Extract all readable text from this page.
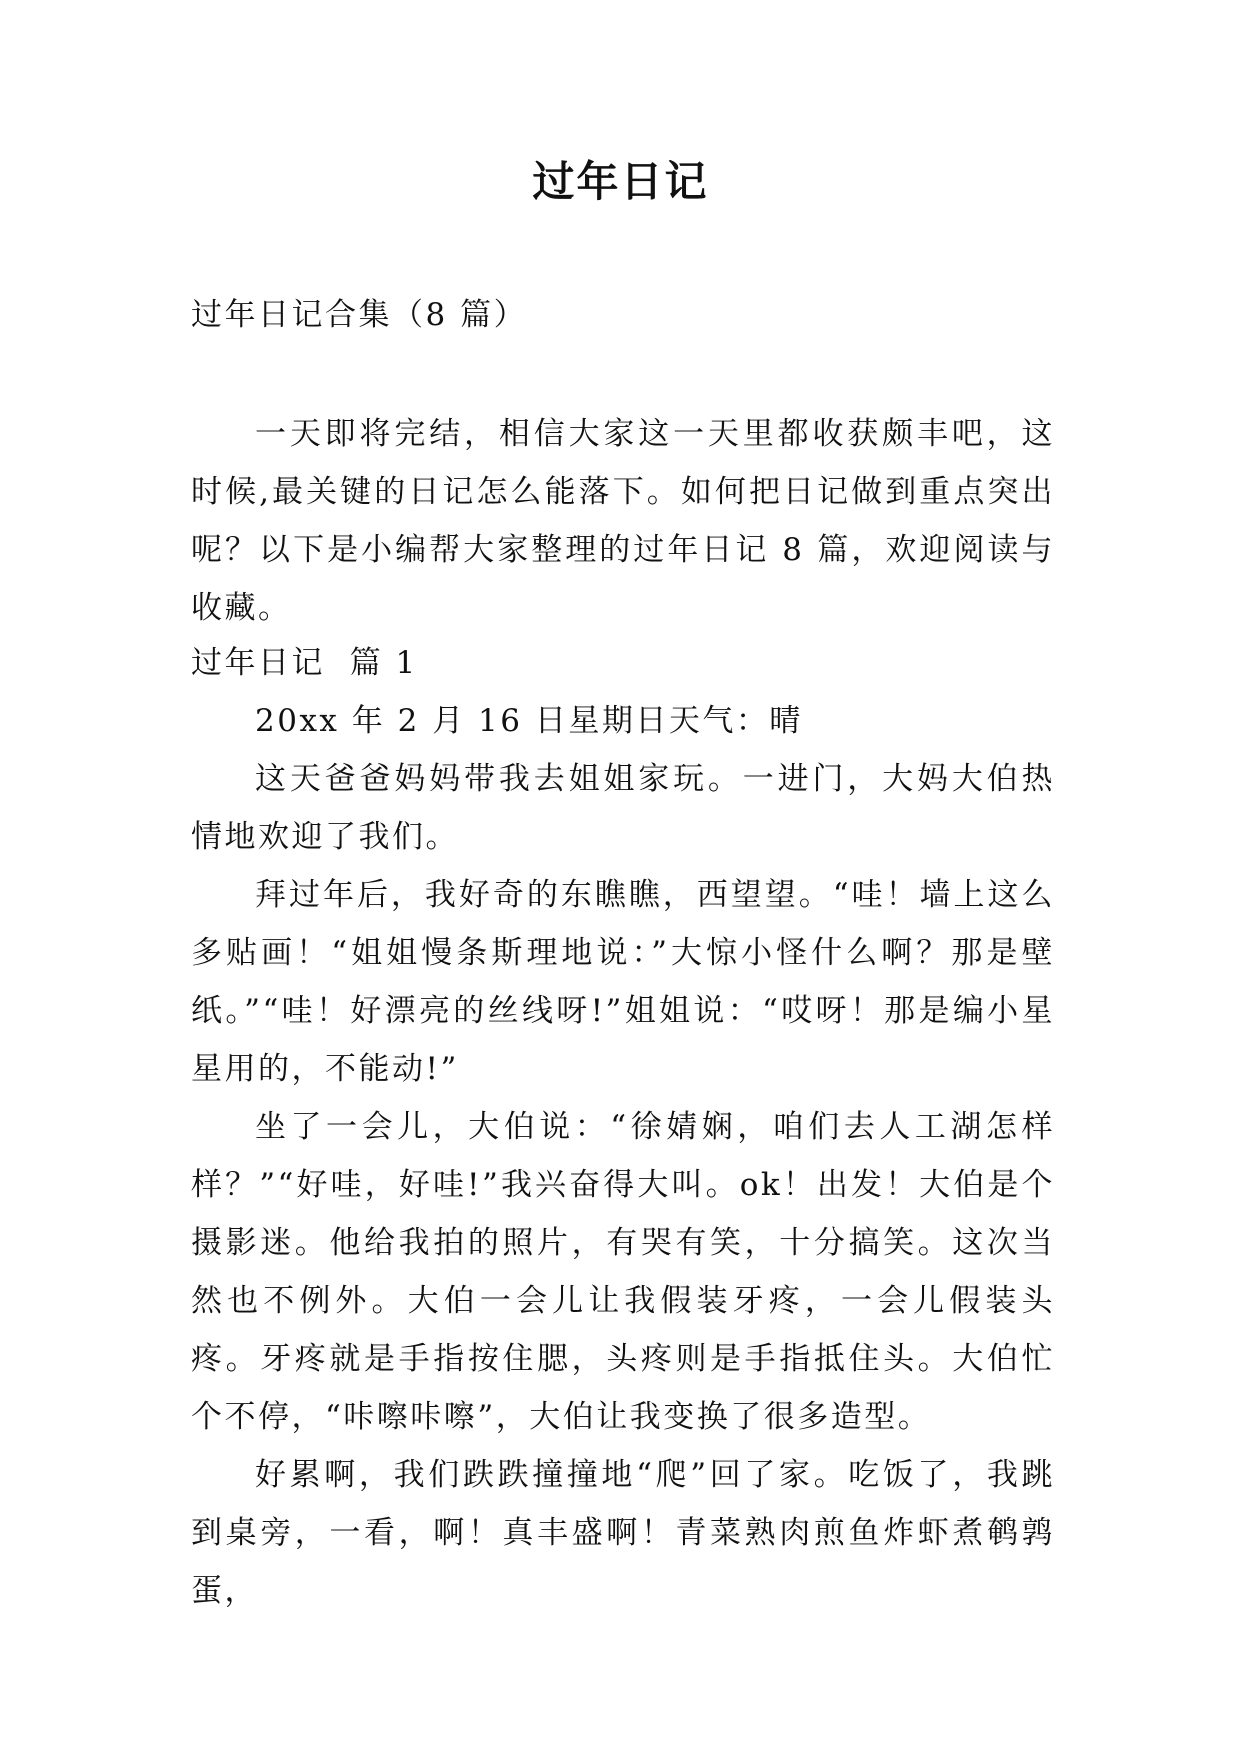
过年日记
过年日记合集（8 篇）
一天即将完结，相信大家这一天里都收获颇丰吧，这时候,最关键的日记怎么能落下。如何把日记做到重点突出呢？以下是小编帮大家整理的过年日记 8 篇，欢迎阅读与收藏。

过年日记  篇 1

20xx 年 2 月 16 日星期日天气：晴

这天爸爸妈妈带我去姐姐家玩。一进门，大妈大伯热情地欢迎了我们。

拜过年后，我好奇的东瞧瞧，西望望。“哇！墙上这么多贴画！“姐姐慢条斯理地说：”大惊小怪什么啊？那是壁纸。”“哇！好漂亮的丝线呀!”姐姐说：“哎呀！那是编小星星用的，不能动!”

坐了一会儿，大伯说：“徐婧娴，咱们去人工湖怎样样？”“好哇，好哇!”我兴奋得大叫。ok！出发！大伯是个摄影迷。他给我拍的照片，有哭有笑，十分搞笑。这次当然也不例外。大伯一会儿让我假装牙疼，一会儿假装头疼。牙疼就是手指按住腮，头疼则是手指抵住头。大伯忙个不停，“咔嚓咔嚓”，大伯让我变换了很多造型。

好累啊，我们跌跌撞撞地“爬”回了家。吃饭了，我跳到桌旁，一看，啊！真丰盛啊！青菜熟肉煎鱼炸虾煮鹌鹑蛋，
